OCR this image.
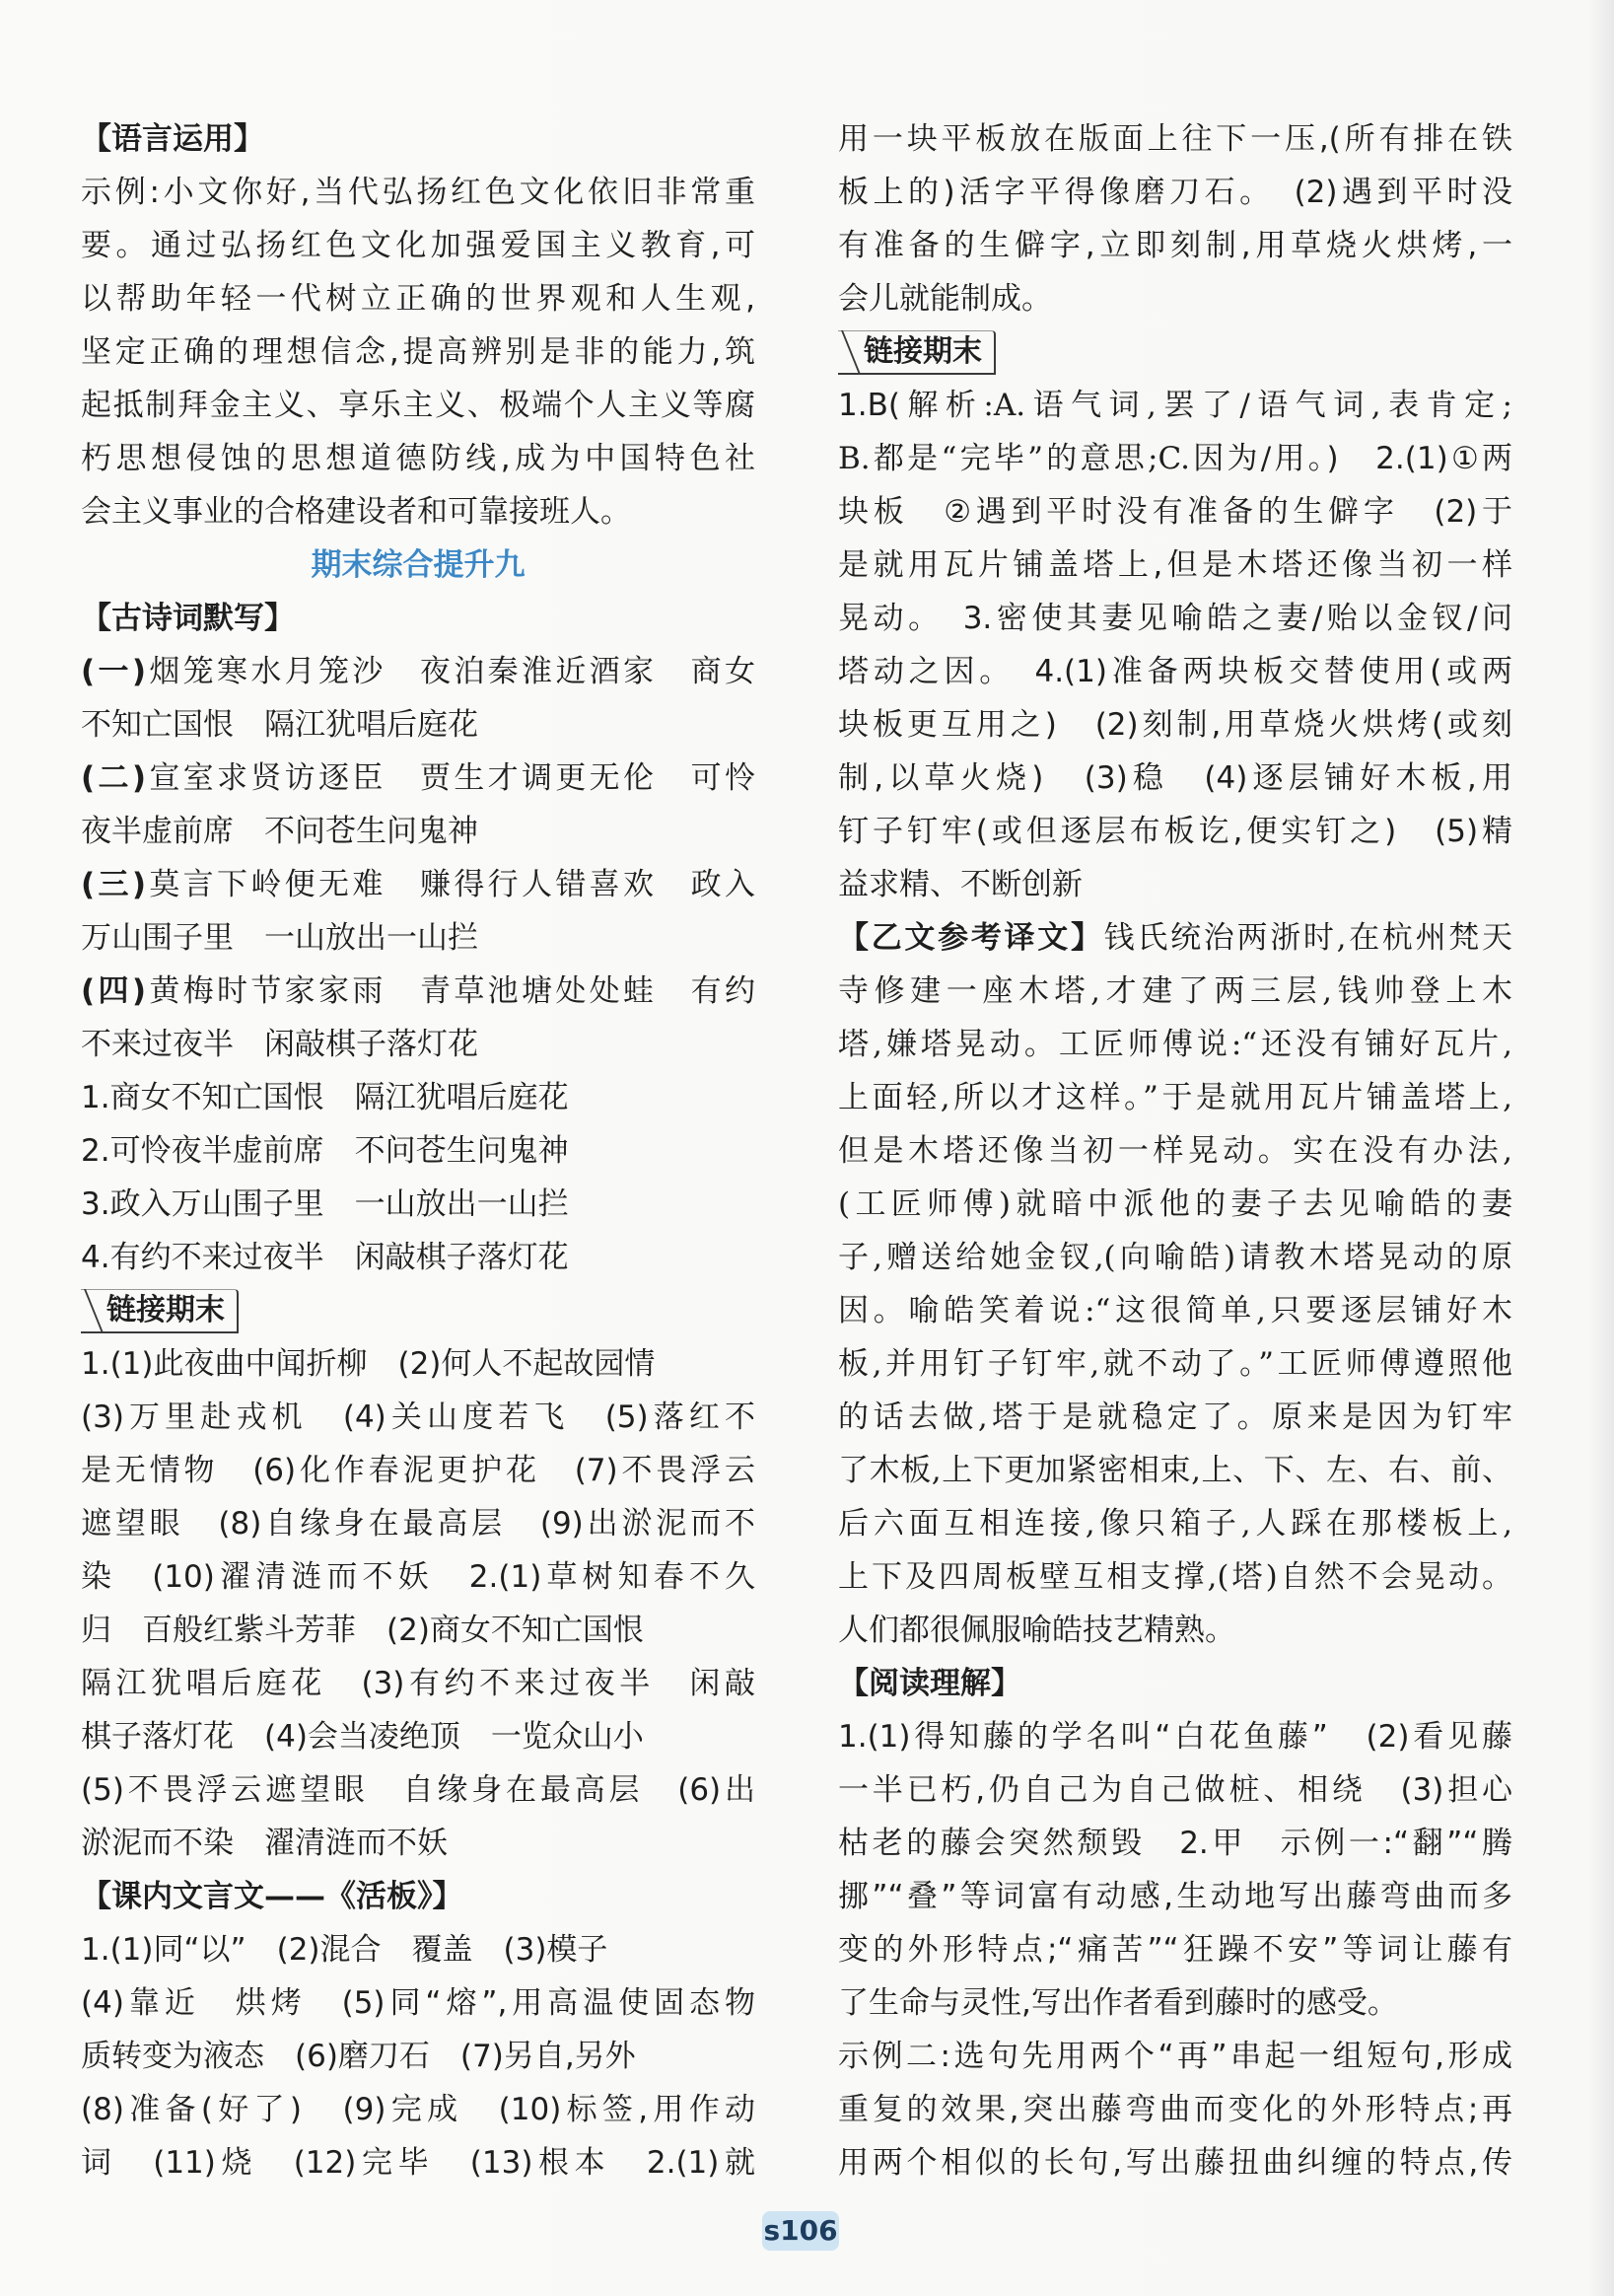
【语言运用】
示例:小文你好,当代弘扬红色文化依旧非常重
要。通过弘扬红色文化加强爱国主义教育,可
以帮助年轻一代树立正确的世界观和人生观,
坚定正确的理想信念,提高辨别是非的能力,筑
起抵制拜金主义、享乐主义、极端个人主义等腐
朽思想侵蚀的思想道德防线,成为中国特色社
会主义事业的合格建设者和可靠接班人。
期末综合提升九
【古诗词默写】
(一)烟笼寒水月笼沙　夜泊秦淮近酒家　商女
不知亡国恨　隔江犹唱后庭花
(二)宣室求贤访逐臣　贾生才调更无伦　可怜
夜半虚前席　不问苍生问鬼神
(三)莫言下岭便无难　赚得行人错喜欢　政入
万山围子里　一山放出一山拦
(四)黄梅时节家家雨　青草池塘处处蛙　有约
不来过夜半　闲敲棋子落灯花
1.商女不知亡国恨　隔江犹唱后庭花
2.可怜夜半虚前席　不问苍生问鬼神
3.政入万山围子里　一山放出一山拦
4.有约不来过夜半　闲敲棋子落灯花
链接期末
1.(1)此夜曲中闻折柳　(2)何人不起故园情
(3)万里赴戎机　(4)关山度若飞　(5)落红不
是无情物　(6)化作春泥更护花　(7)不畏浮云
遮望眼　(8)自缘身在最高层　(9)出淤泥而不
染　(10)濯清涟而不妖　2.(1)草树知春不久
归　百般红紫斗芳菲　(2)商女不知亡国恨
隔江犹唱后庭花　(3)有约不来过夜半　闲敲
棋子落灯花　(4)会当凌绝顶　一览众山小
(5)不畏浮云遮望眼　自缘身在最高层　(6)出
淤泥而不染　濯清涟而不妖
【课内文言文——《活板》】
1.(1)同“以”　(2)混合　覆盖　(3)模子
(4)靠近　烘烤　(5)同“熔”,用高温使固态物
质转变为液态　(6)磨刀石　(7)另自,另外
(8)准备(好了)　(9)完成　(10)标签,用作动
词　(11)烧　(12)完毕　(13)根本　2.(1)就
用一块平板放在版面上往下一压,(所有排在铁
板上的)活字平得像磨刀石。　(2)遇到平时没
有准备的生僻字,立即刻制,用草烧火烘烤,一
会儿就能制成。
链接期末
1.B(解析:A.语气词,罢了/语气词,表肯定;
B.都是“完毕”的意思;C.因为/用。)　2.(1)①两
块板　②遇到平时没有准备的生僻字　(2)于
是就用瓦片铺盖塔上,但是木塔还像当初一样
晃动。　3.密使其妻见喻皓之妻/贻以金钗/问
塔动之因。　4.(1)准备两块板交替使用(或两
块板更互用之)　(2)刻制,用草烧火烘烤(或刻
制,以草火烧)　(3)稳　(4)逐层铺好木板,用
钉子钉牢(或但逐层布板讫,便实钉之)　(5)精
益求精、不断创新
【乙文参考译文】钱氏统治两浙时,在杭州梵天
寺修建一座木塔,才建了两三层,钱帅登上木
塔,嫌塔晃动。工匠师傅说:“还没有铺好瓦片,
上面轻,所以才这样。”于是就用瓦片铺盖塔上,
但是木塔还像当初一样晃动。实在没有办法,
(工匠师傅)就暗中派他的妻子去见喻皓的妻
子,赠送给她金钗,(向喻皓)请教木塔晃动的原
因。喻皓笑着说:“这很简单,只要逐层铺好木
板,并用钉子钉牢,就不动了。”工匠师傅遵照他
的话去做,塔于是就稳定了。原来是因为钉牢
了木板,上下更加紧密相束,上、下、左、右、前、
后六面互相连接,像只箱子,人踩在那楼板上,
上下及四周板壁互相支撑,(塔)自然不会晃动。
人们都很佩服喻皓技艺精熟。
【阅读理解】
1.(1)得知藤的学名叫“白花鱼藤”　(2)看见藤
一半已朽,仍自己为自己做桩、相绕　(3)担心
枯老的藤会突然颓毁　2.甲　示例一:“翻”“腾
挪”“叠”等词富有动感,生动地写出藤弯曲而多
变的外形特点;“痛苦”“狂躁不安”等词让藤有
了生命与灵性,写出作者看到藤时的感受。
示例二:选句先用两个“再”串起一组短句,形成
重复的效果,突出藤弯曲而变化的外形特点;再
用两个相似的长句,写出藤扭曲纠缠的特点,传
s106
